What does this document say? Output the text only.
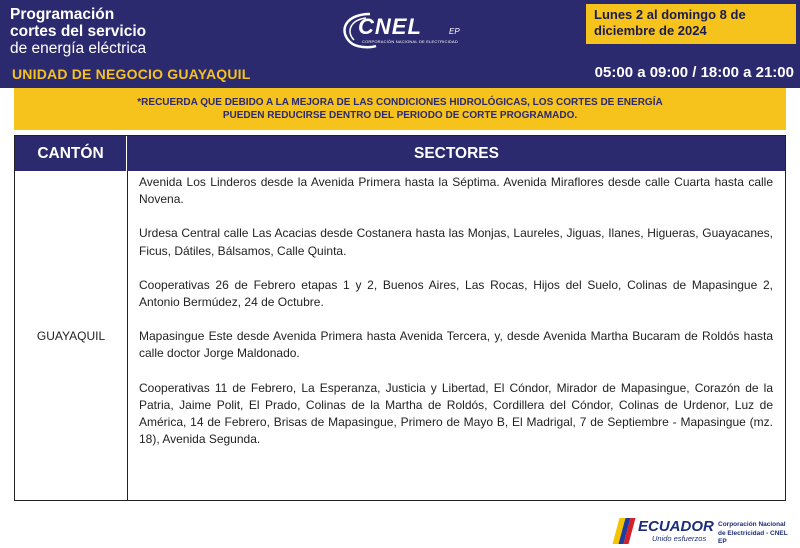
Programación
cortes del servicio
de energía eléctrica
UNIDAD DE NEGOCIO GUAYAQUIL
CNEL	EP
CORPORACIÓN NACIONAL DE ELECTRICIDAD
Lunes 2 al domingo 8 de
diciembre de 2024
05:00 a 09:00 / 18:00 a 21:00
*RECUERDA QUE DEBIDO A LA MEJORA DE LAS CONDICIONES HIDROLÓGICAS, LOS CORTES DE ENERGÍA
PUEDEN REDUCIRSE DENTRO DEL PERIODO DE CORTE PROGRAMADO.
CANTÓN	SECTORES
GUAYAQUIL

Avenida Los Linderos desde la Avenida Primera hasta la Séptima. Avenida Miraflores desde calle Cuarta hasta calle Novena.

Urdesa Central calle Las Acacias desde Costanera hasta las Monjas, Laureles, Jiguas, Ilanes, Higueras, Guayacanes, Ficus, Dátiles, Bálsamos, Calle Quinta.

Cooperativas 26 de Febrero etapas 1 y 2, Buenos Aires, Las Rocas, Hijos del Suelo, Colinas de Mapasingue 2, Antonio Bermúdez, 24 de Octubre.

Mapasingue Este desde Avenida Primera hasta Avenida Tercera, y, desde Avenida Martha Bucaram de Roldós hasta calle doctor Jorge Maldonado.

Cooperativas 11 de Febrero, La Esperanza, Justicia y Libertad, El Cóndor, Mirador de Mapasingue, Corazón de la Patria, Jaime Polit, El Prado, Colinas de la Martha de Roldós, Cordillera del Cóndor, Colinas de Urdenor, Luz de América, 14 de Febrero, Brisas de Mapasingue, Primero de Mayo B, El Madrigal, 7 de Septiembre - Mapasingue (mz. 18), Avenida Segunda.

ECUADOR
Unido esfuerzos
Corporación Nacional
de Electricidad - CNEL EP
